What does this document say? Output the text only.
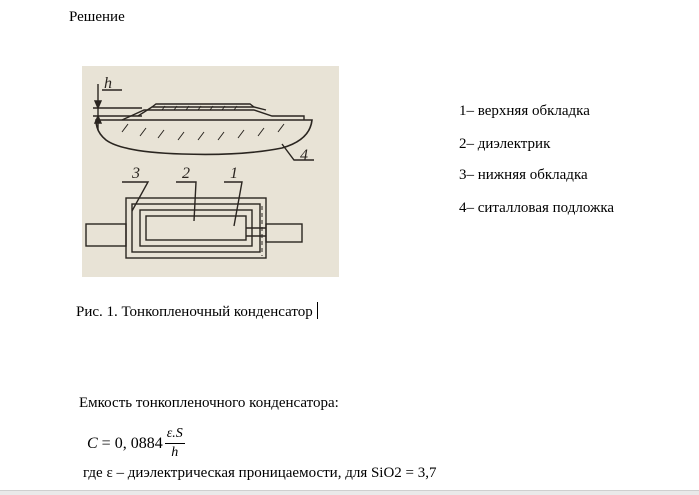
Решение
h
4
3	2	1
1– верхняя обкладка
2– диэлектрик
3– нижняя обкладка
4– ситалловая подложка
Рис. 1. Тонкопленочный конденсатор
Емкость тонкопленочного конденсатора:
C = 0, $0884 \frac{\varepsilon.S}{h}$
где ε – диэлектрическая проницаемости, для SiO2 = 3,7
